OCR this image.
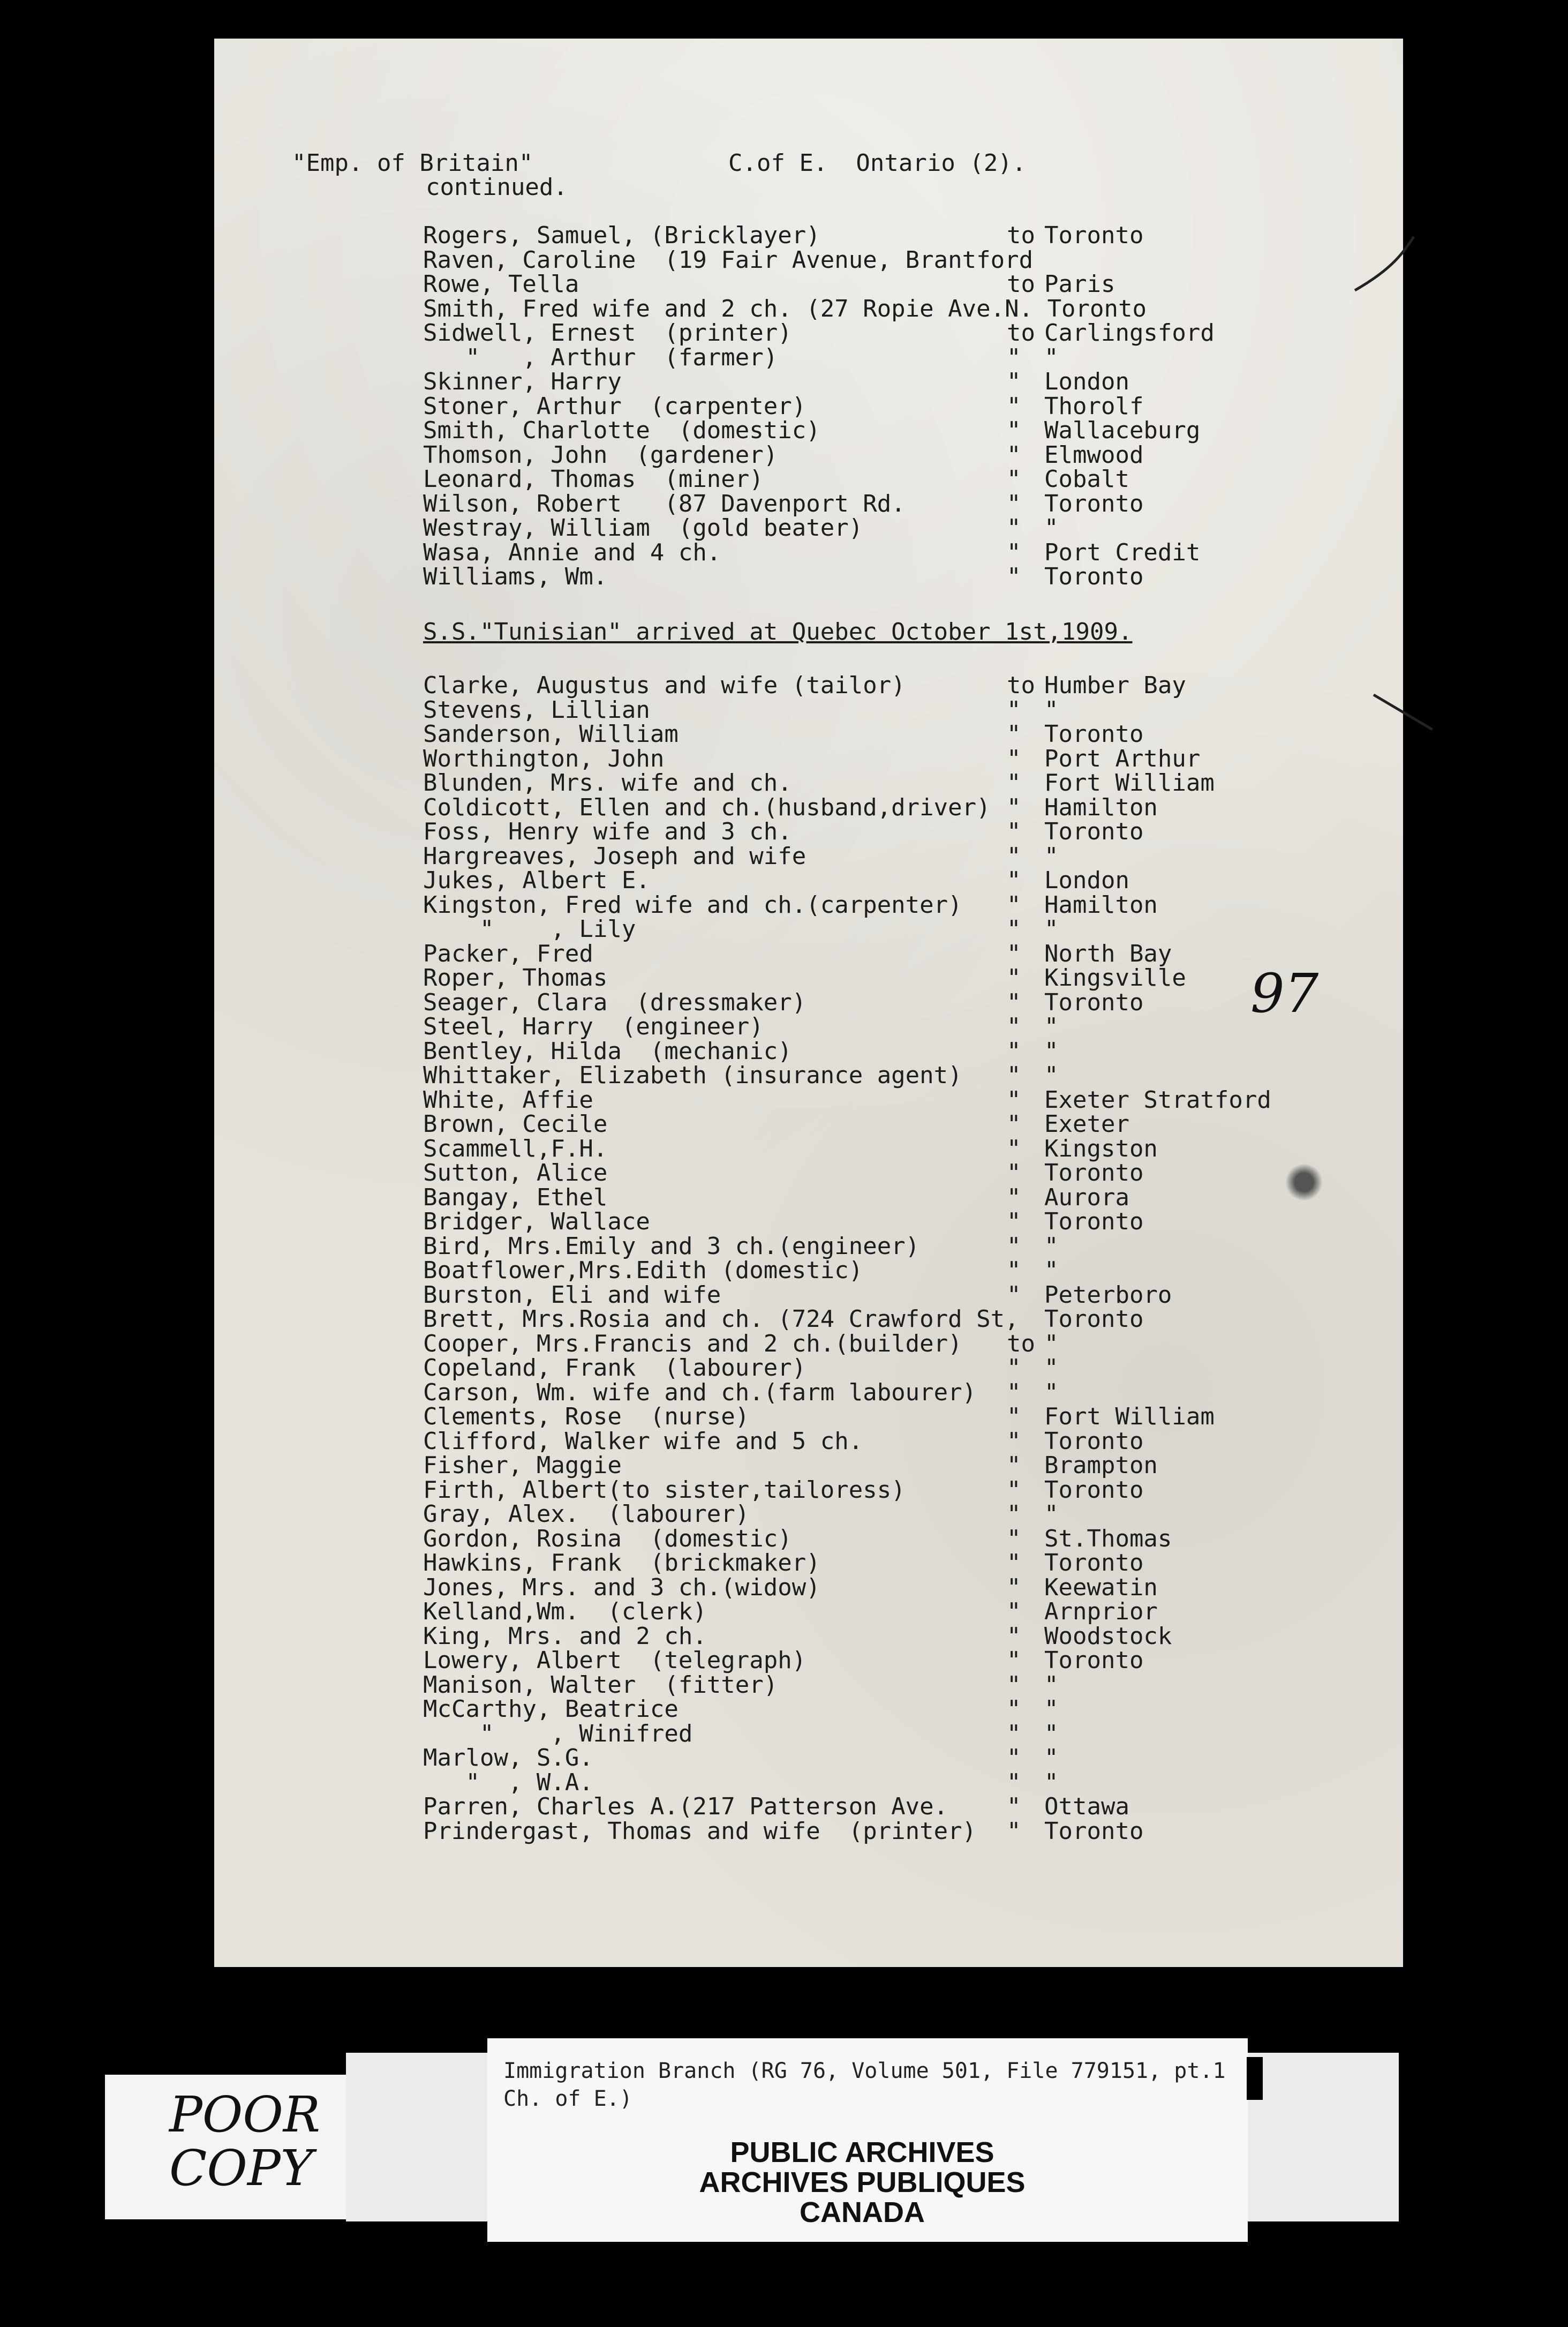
"Emp. of Britain"	C.of E.  Ontario (2).
continued.
Rogers, Samuel, (Bricklayer)	to Toronto
Raven, Caroline  (19 Fair Avenue, Brantford
Rowe, Tella	to Paris
Smith, Fred wife and 2 ch. (27 Ropie Ave.N. Toronto
Sidwell, Ernest  (printer)	to Carlingsford
"   , Arthur  (farmer)	" "
Skinner, Harry	" London
Stoner, Arthur  (carpenter)	" Thorolf
Smith, Charlotte  (domestic)	" Wallaceburg
Thomson, John  (gardener)	" Elmwood
Leonard, Thomas  (miner)	" Cobalt
Wilson, Robert   (87 Davenport Rd.	" Toronto
Westray, William  (gold beater)	" "
Wasa, Annie and 4 ch.	" Port Credit
Williams, Wm.	" Toronto
S.S."Tunisian" arrived at Quebec October 1st,1909.
Clarke, Augustus and wife (tailor)	to Humber Bay
Stevens, Lillian	" "
Sanderson, William	" Toronto
Worthington, John	" Port Arthur
Blunden, Mrs. wife and ch.	" Fort William
Coldicott, Ellen and ch.(husband,driver) " Hamilton
Foss, Henry wife and 3 ch.	" Toronto
Hargreaves, Joseph and wife	" "
Jukes, Albert E.	" London
Kingston, Fred wife and ch.(carpenter) " Hamilton
"    , Lily	" "
Packer, Fred	" North Bay
Roper, Thomas	" Kingsville
Seager, Clara  (dressmaker)	" Toronto
Steel, Harry  (engineer)	" "
Bentley, Hilda  (mechanic)	" "
Whittaker, Elizabeth (insurance agent) " "
White, Affie	" Exeter Stratford
Brown, Cecile	" Exeter
Scammell,F.H.	" Kingston
Sutton, Alice	" Toronto
Bangay, Ethel	" Aurora
Bridger, Wallace	" Toronto
Bird, Mrs.Emily and 3 ch.(engineer)	" "
Boatflower,Mrs.Edith (domestic)	" "
Burston, Eli and wife	" Peterboro
Brett, Mrs.Rosia and ch. (724 Crawford St, Toronto
Cooper, Mrs.Francis and 2 ch.(builder) to "
Copeland, Frank  (labourer)	" "
Carson, Wm. wife and ch.(farm labourer) " "
Clements, Rose  (nurse)	" Fort William
Clifford, Walker wife and 5 ch.	" Toronto
Fisher, Maggie	" Brampton
Firth, Albert(to sister,tailoress)	" Toronto
Gray, Alex.  (labourer)	" "
Gordon, Rosina  (domestic)	" St.Thomas
Hawkins, Frank  (brickmaker)	" Toronto
Jones, Mrs. and 3 ch.(widow)	" Keewatin
Kelland,Wm.  (clerk)	" Arnprior
King, Mrs. and 2 ch.	" Woodstock
Lowery, Albert  (telegraph)	" Toronto
Manison, Walter  (fitter)	" "
McCarthy, Beatrice	" "
"    , Winifred	" "
Marlow, S.G.	" "
"  , W.A.	" "
Parren, Charles A.(217 Patterson Ave. " Ottawa
Prindergast, Thomas and wife  (printer) " Toronto
97
POOR
COPY
Immigration Branch (RG 76, Volume 501, File 779151, pt.1
Ch. of E.)
PUBLIC ARCHIVES
ARCHIVES PUBLIQUES
CANADA
